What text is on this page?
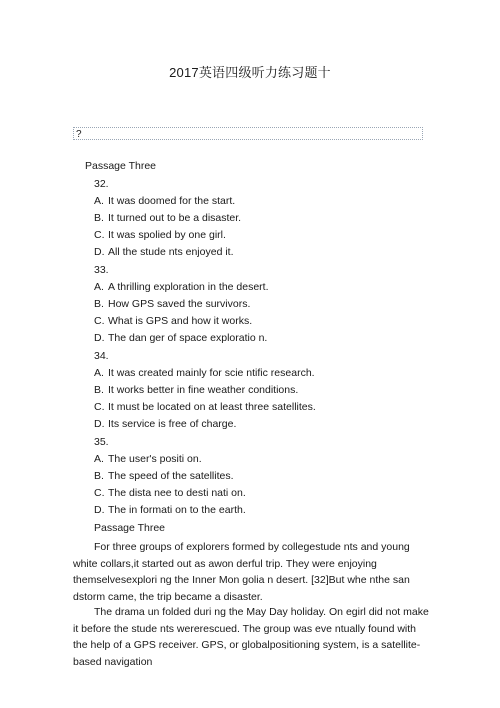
2017英语四级听力练习题十
?
Passage Three
32.
A. It was doomed for the start.
B. It turned out to be a disaster.
C. It was spolied by one girl.
D. All the stude nts enjoyed it.
33.
A. A thrilling exploration in the desert.
B. How GPS saved the survivors.
C. What is GPS and how it works.
D. The dan ger of space exploratio n.
34.
A. It was created mainly for scie ntific research.
B. It works better in fine weather conditions.
C. It must be located on at least three satellites.
D. Its service is free of charge.
35.
A. The user's positi on.
B. The speed of the satellites.
C. The dista nee to desti nati on.
D. The in formati on to the earth.
Passage Three

For three groups of explorers formed by collegestude nts and young white collars,it started out as awon derful trip. They were enjoying themselvesexplori ng the Inner Mon golia n desert. [32]But whe nthe san dstorm came, the trip became a disaster.

The drama un folded duri ng the May Day holiday. On egirl did not make it before the stude nts wererescued. The group was eve ntually found with the help of a GPS receiver. GPS, or globalpositioning system, is a satellite-based navigation
